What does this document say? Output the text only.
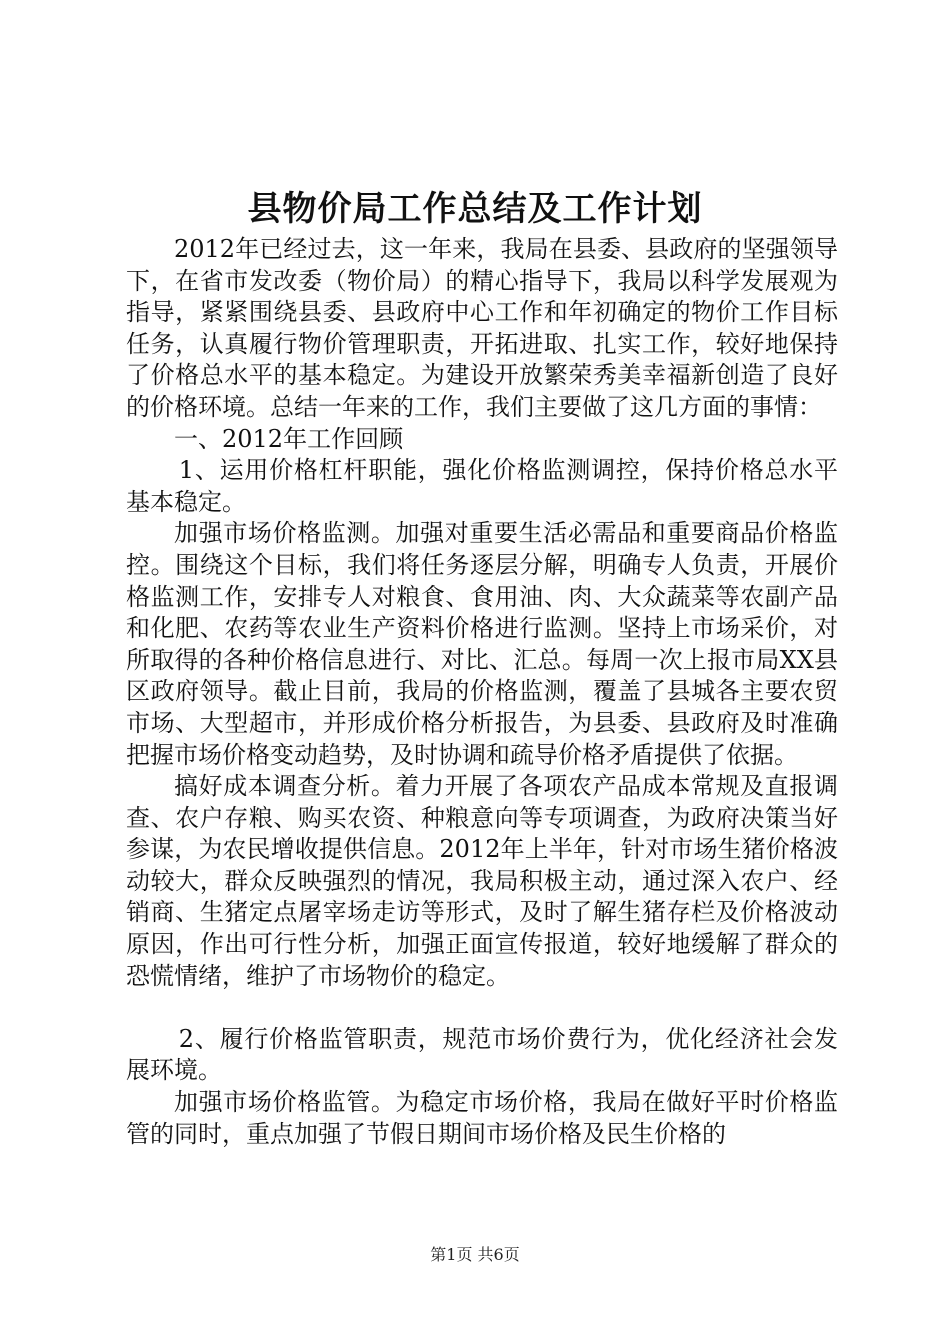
县物价局工作总结及工作计划

2012年已经过去，这一年来，我局在县委、县政府的坚强领导下，在省市发改委（物价局）的精心指导下，我局以科学发展观为指导，紧紧围绕县委、县政府中心工作和年初确定的物价工作目标任务，认真履行物价管理职责，开拓进取、扎实工作，较好地保持了价格总水平的基本稳定。为建设开放繁荣秀美幸福新创造了良好的价格环境。总结一年来的工作，我们主要做了这几方面的事情：

一、2012年工作回顾

1、运用价格杠杆职能，强化价格监测调控，保持价格总水平基本稳定。

加强市场价格监测。加强对重要生活必需品和重要商品价格监控。围绕这个目标，我们将任务逐层分解，明确专人负责，开展价格监测工作，安排专人对粮食、食用油、肉、大众蔬菜等农副产品和化肥、农药等农业生产资料价格进行监测。坚持上市场采价，对所取得的各种价格信息进行、对比、汇总。每周一次上报市局XX县区政府领导。截止目前，我局的价格监测，覆盖了县城各主要农贸市场、大型超市，并形成价格分析报告，为县委、县政府及时准确把握市场价格变动趋势，及时协调和疏导价格矛盾提供了依据。

搞好成本调查分析。着力开展了各项农产品成本常规及直报调查、农户存粮、购买农资、种粮意向等专项调查，为政府决策当好参谋，为农民增收提供信息。2012年上半年，针对市场生猪价格波动较大，群众反映强烈的情况，我局积极主动，通过深入农户、经销商、生猪定点屠宰场走访等形式，及时了解生猪存栏及价格波动原因，作出可行性分析，加强正面宣传报道，较好地缓解了群众的恐慌情绪，维护了市场物价的稳定。

2、履行价格监管职责，规范市场价费行为，优化经济社会发展环境。

加强市场价格监管。为稳定市场价格，我局在做好平时价格监管的同时，重点加强了节假日期间市场价格及民生价格的

第1页 共6页
